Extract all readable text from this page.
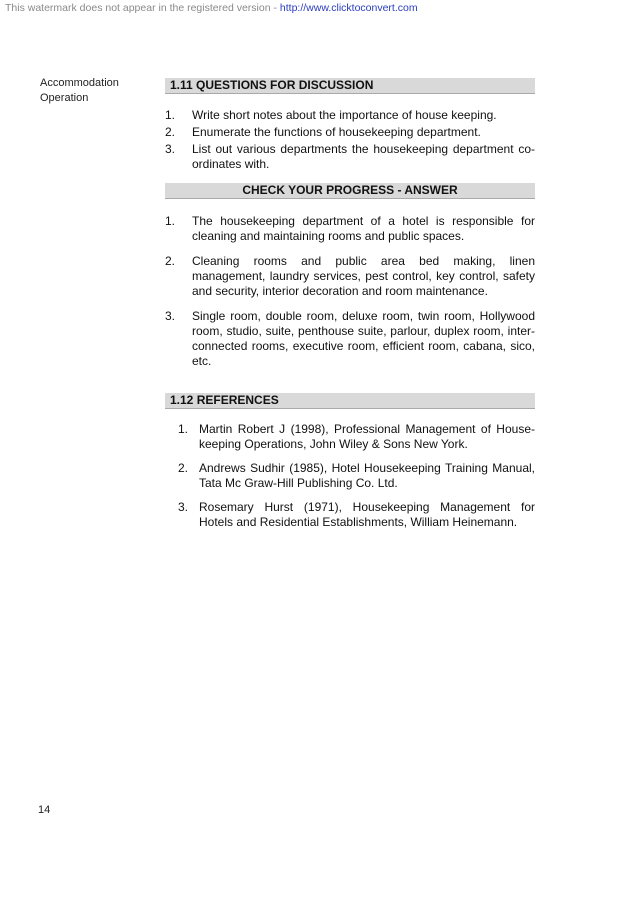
This watermark does not appear in the registered version - http://www.clicktoconvert.com
Accommodation
Operation
1.11 QUESTIONS FOR DISCUSSION
1.	Write short notes about the importance of house keeping.
2.	Enumerate the functions of housekeeping department.
3.	List out various departments the housekeeping department co-ordinates with.
CHECK YOUR PROGRESS - ANSWER
1.	The housekeeping department of a hotel is responsible for cleaning and maintaining rooms and public spaces.
2.	Cleaning rooms and public area bed making, linen management, laundry services, pest control, key control, safety and security, interior decoration and room maintenance.
3.	Single room, double room, deluxe room, twin room, Hollywood room, studio, suite, penthouse suite, parlour, duplex room, inter-connected rooms, executive room, efficient room, cabana, sico, etc.
1.12 REFERENCES
1. Martin Robert J (1998), Professional Management of House-keeping Operations, John Wiley & Sons New York.
2. Andrews Sudhir (1985), Hotel Housekeeping Training Manual, Tata Mc Graw-Hill Publishing Co. Ltd.
3. Rosemary Hurst (1971), Housekeeping Management for Hotels and Residential Establishments, William Heinemann.
14
